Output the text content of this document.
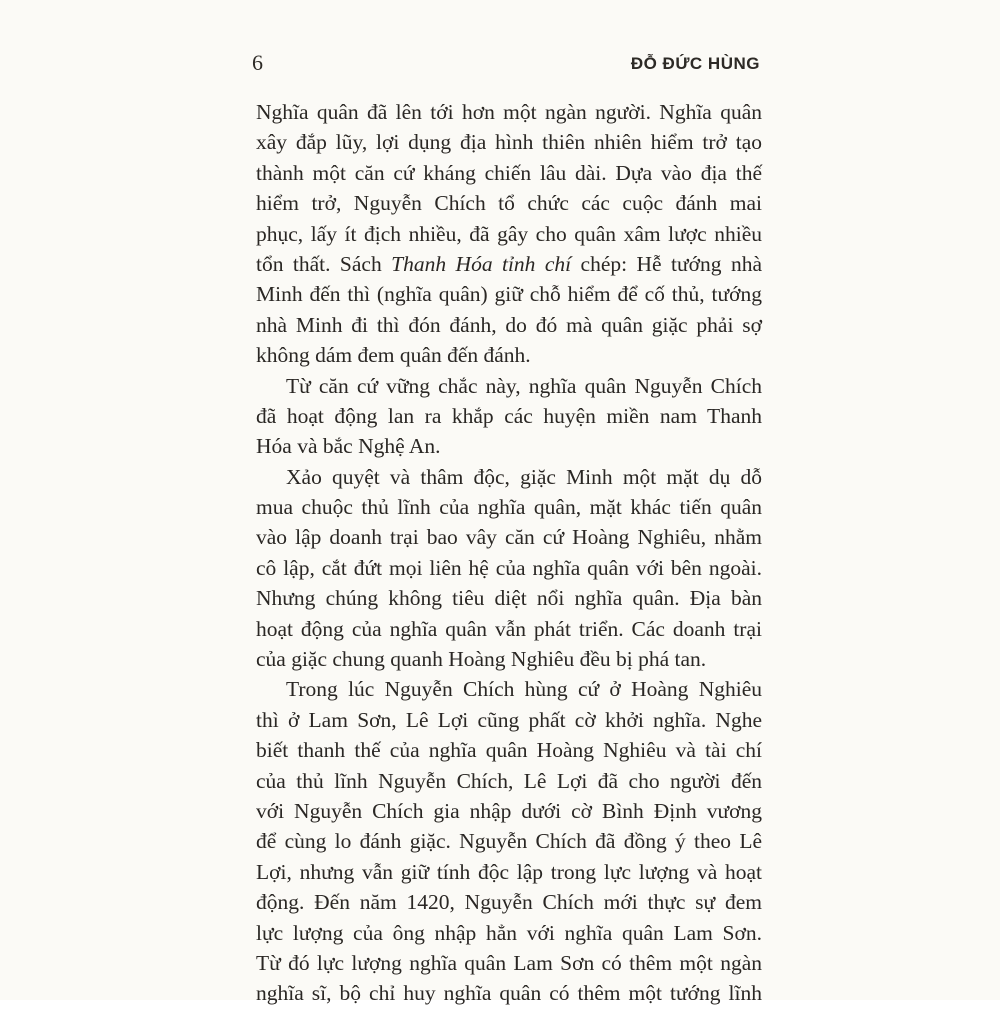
6	ĐỖ ĐỨC HÙNG
Nghĩa quân đã lên tới hơn một ngàn người. Nghĩa quân
xây đắp lũy, lợi dụng địa hình thiên nhiên hiểm trở tạo
thành một căn cứ kháng chiến lâu dài. Dựa vào địa thế
hiểm trở, Nguyễn Chích tổ chức các cuộc đánh mai
phục, lấy ít địch nhiều, đã gây cho quân xâm lược nhiều
tổn thất. Sách Thanh Hóa tỉnh chí chép: Hễ tướng nhà
Minh đến thì (nghĩa quân) giữ chỗ hiểm để cố thủ, tướng
nhà Minh đi thì đón đánh, do đó mà quân giặc phải sợ
không dám đem quân đến đánh.
Từ căn cứ vững chắc này, nghĩa quân Nguyễn Chích
đã hoạt động lan ra khắp các huyện miền nam Thanh
Hóa và bắc Nghệ An.
Xảo quyệt và thâm độc, giặc Minh một mặt dụ dỗ
mua chuộc thủ lĩnh của nghĩa quân, mặt khác tiến quân
vào lập doanh trại bao vây căn cứ Hoàng Nghiêu, nhằm
cô lập, cắt đứt mọi liên hệ của nghĩa quân với bên ngoài.
Nhưng chúng không tiêu diệt nổi nghĩa quân. Địa bàn
hoạt động của nghĩa quân vẫn phát triển. Các doanh trại
của giặc chung quanh Hoàng Nghiêu đều bị phá tan.
Trong lúc Nguyễn Chích hùng cứ ở Hoàng Nghiêu
thì ở Lam Sơn, Lê Lợi cũng phất cờ khởi nghĩa. Nghe
biết thanh thế của nghĩa quân Hoàng Nghiêu và tài chí
của thủ lĩnh Nguyễn Chích, Lê Lợi đã cho người đến
với Nguyễn Chích gia nhập dưới cờ Bình Định vương
để cùng lo đánh giặc. Nguyễn Chích đã đồng ý theo Lê
Lợi, nhưng vẫn giữ tính độc lập trong lực lượng và hoạt
động. Đến năm 1420, Nguyễn Chích mới thực sự đem
lực lượng của ông nhập hẳn với nghĩa quân Lam Sơn.
Từ đó lực lượng nghĩa quân Lam Sơn có thêm một ngàn
nghĩa sĩ, bộ chỉ huy nghĩa quân có thêm một tướng lĩnh
